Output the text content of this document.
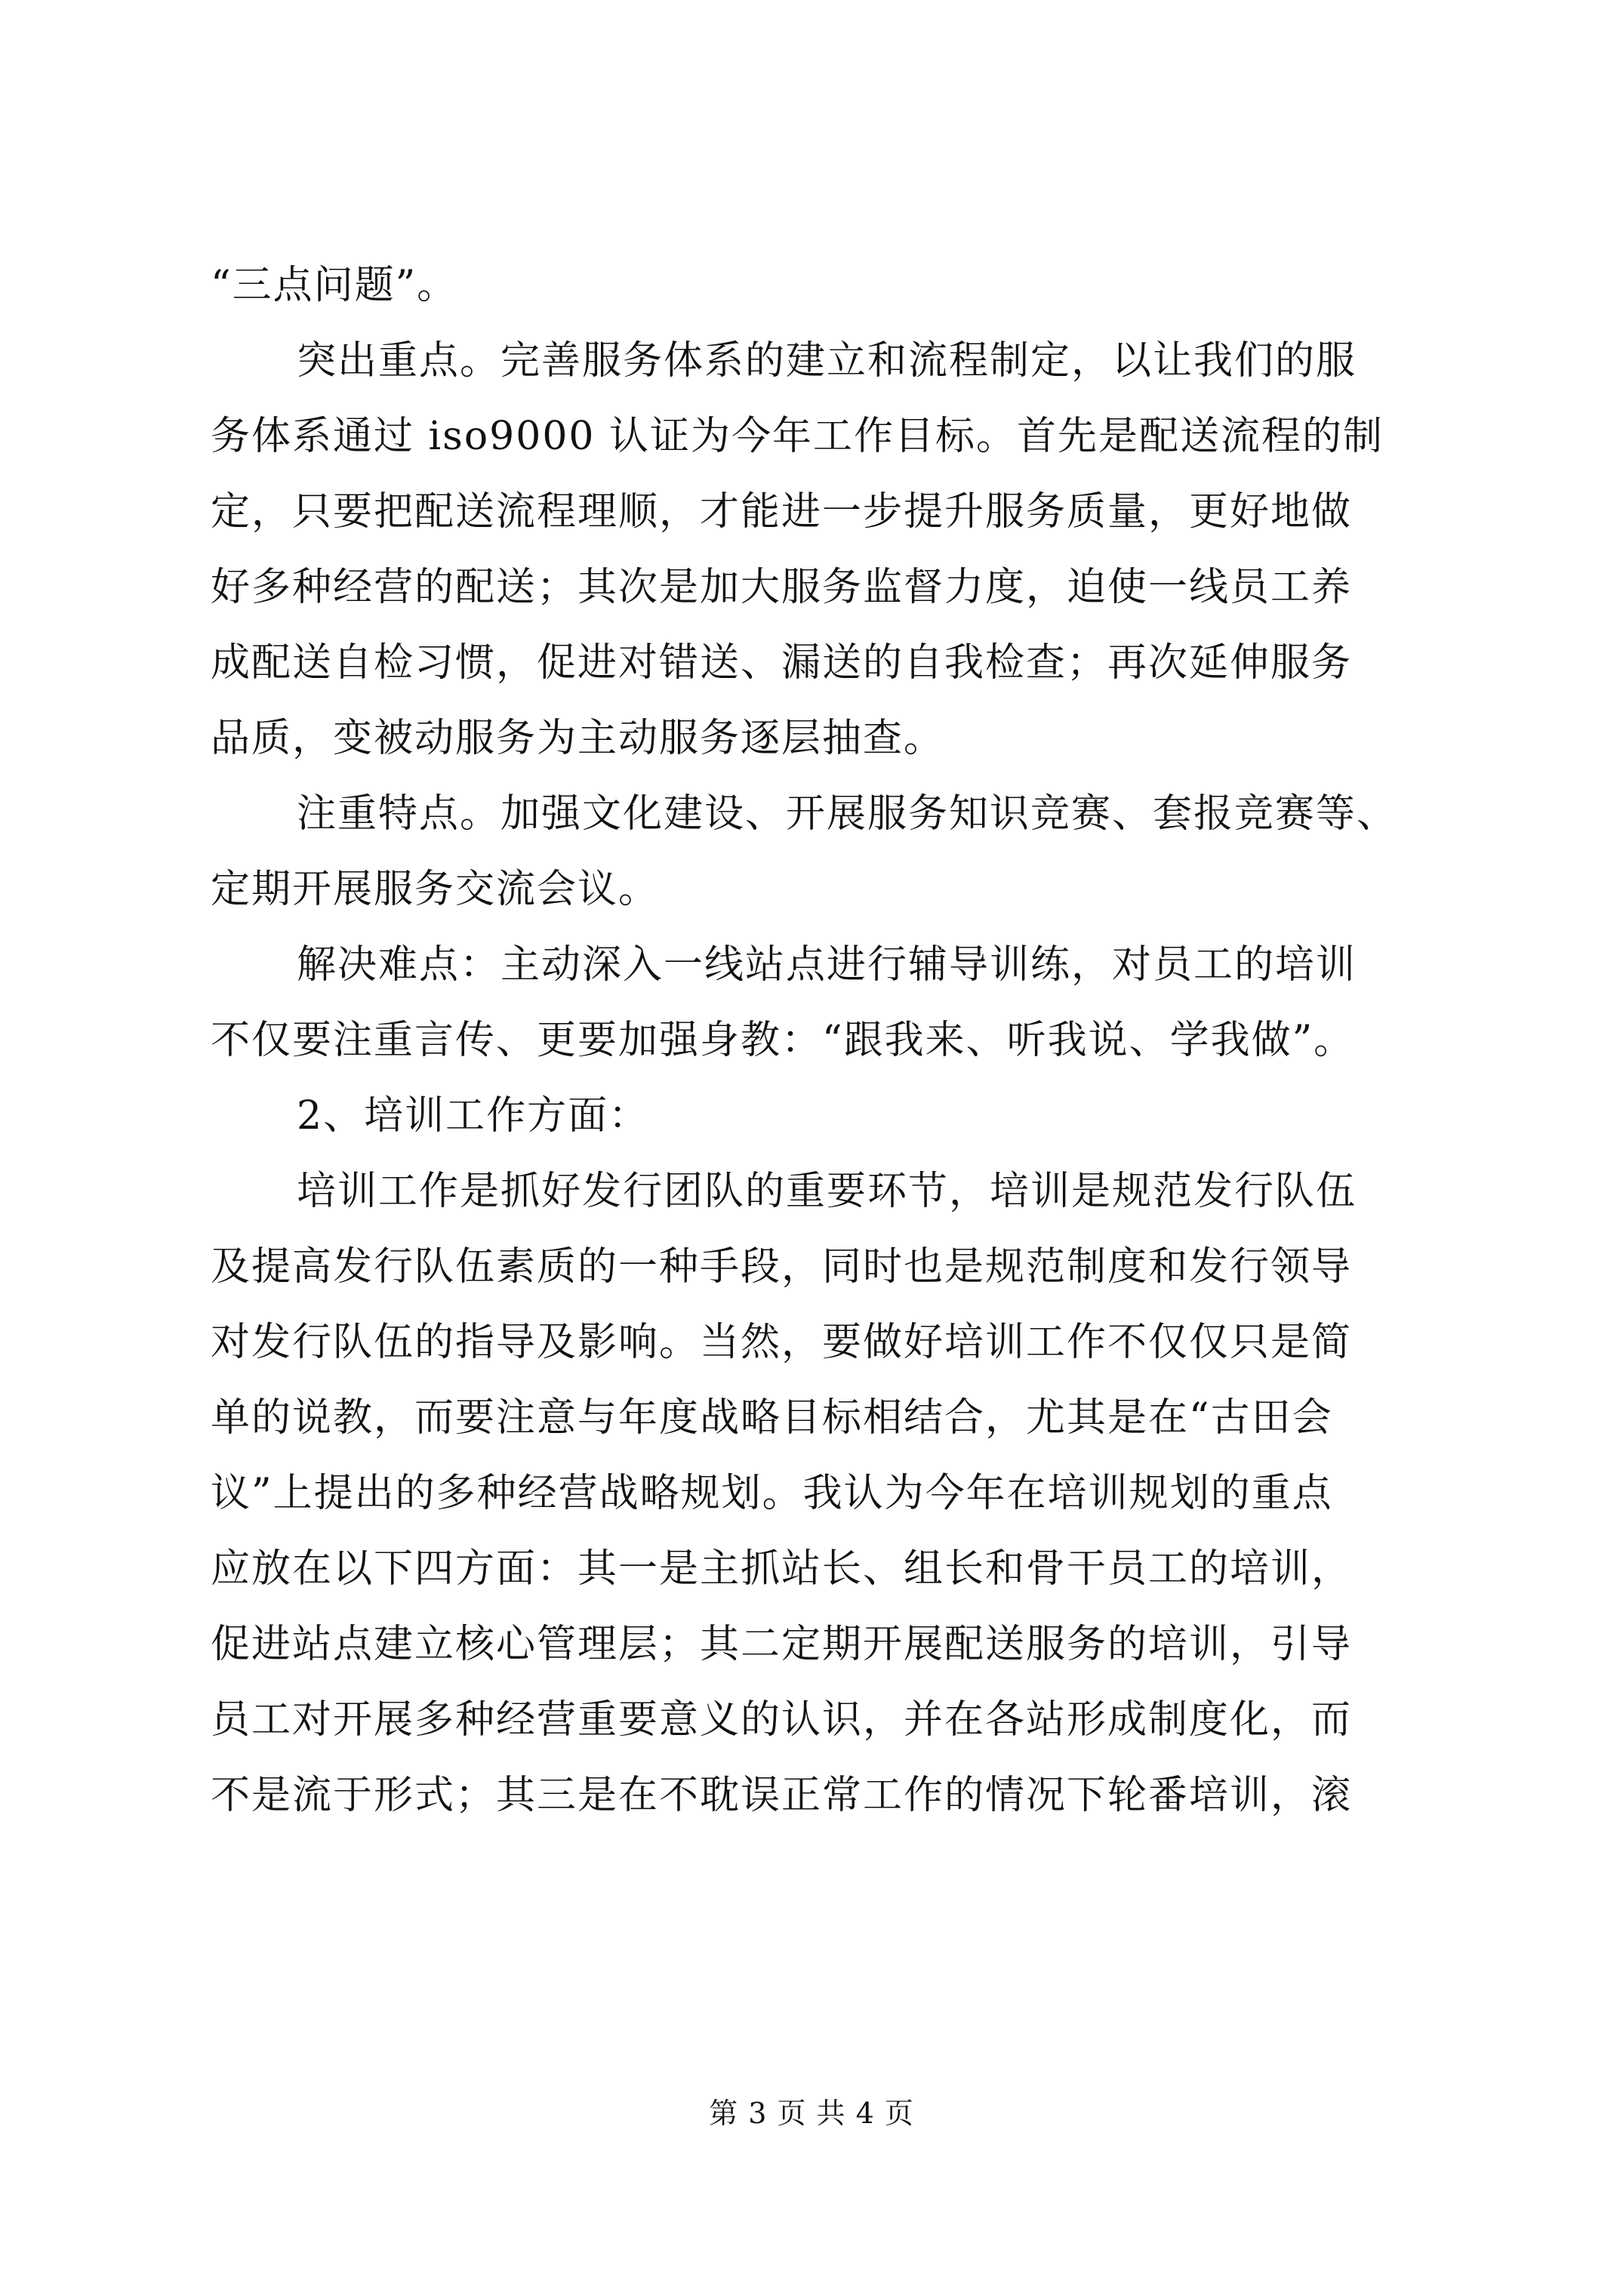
“三点问题”。
突出重点。完善服务体系的建立和流程制定，以让我们的服
务体系通过 iso9000 认证为今年工作目标。首先是配送流程的制
定，只要把配送流程理顺，才能进一步提升服务质量，更好地做
好多种经营的配送；其次是加大服务监督力度，迫使一线员工养
成配送自检习惯，促进对错送、漏送的自我检查；再次延伸服务
品质，变被动服务为主动服务逐层抽查。
注重特点。加强文化建设、开展服务知识竞赛、套报竞赛等、
定期开展服务交流会议。
解决难点：主动深入一线站点进行辅导训练，对员工的培训
不仅要注重言传、更要加强身教：“跟我来、听我说、学我做”。
2、培训工作方面：
培训工作是抓好发行团队的重要环节，培训是规范发行队伍
及提高发行队伍素质的一种手段，同时也是规范制度和发行领导
对发行队伍的指导及影响。当然，要做好培训工作不仅仅只是简
单的说教，而要注意与年度战略目标相结合，尤其是在“古田会
议”上提出的多种经营战略规划。我认为今年在培训规划的重点
应放在以下四方面：其一是主抓站长、组长和骨干员工的培训，
促进站点建立核心管理层；其二定期开展配送服务的培训，引导
员工对开展多种经营重要意义的认识，并在各站形成制度化，而
不是流于形式；其三是在不耽误正常工作的情况下轮番培训，滚
第 3 页 共 4 页
